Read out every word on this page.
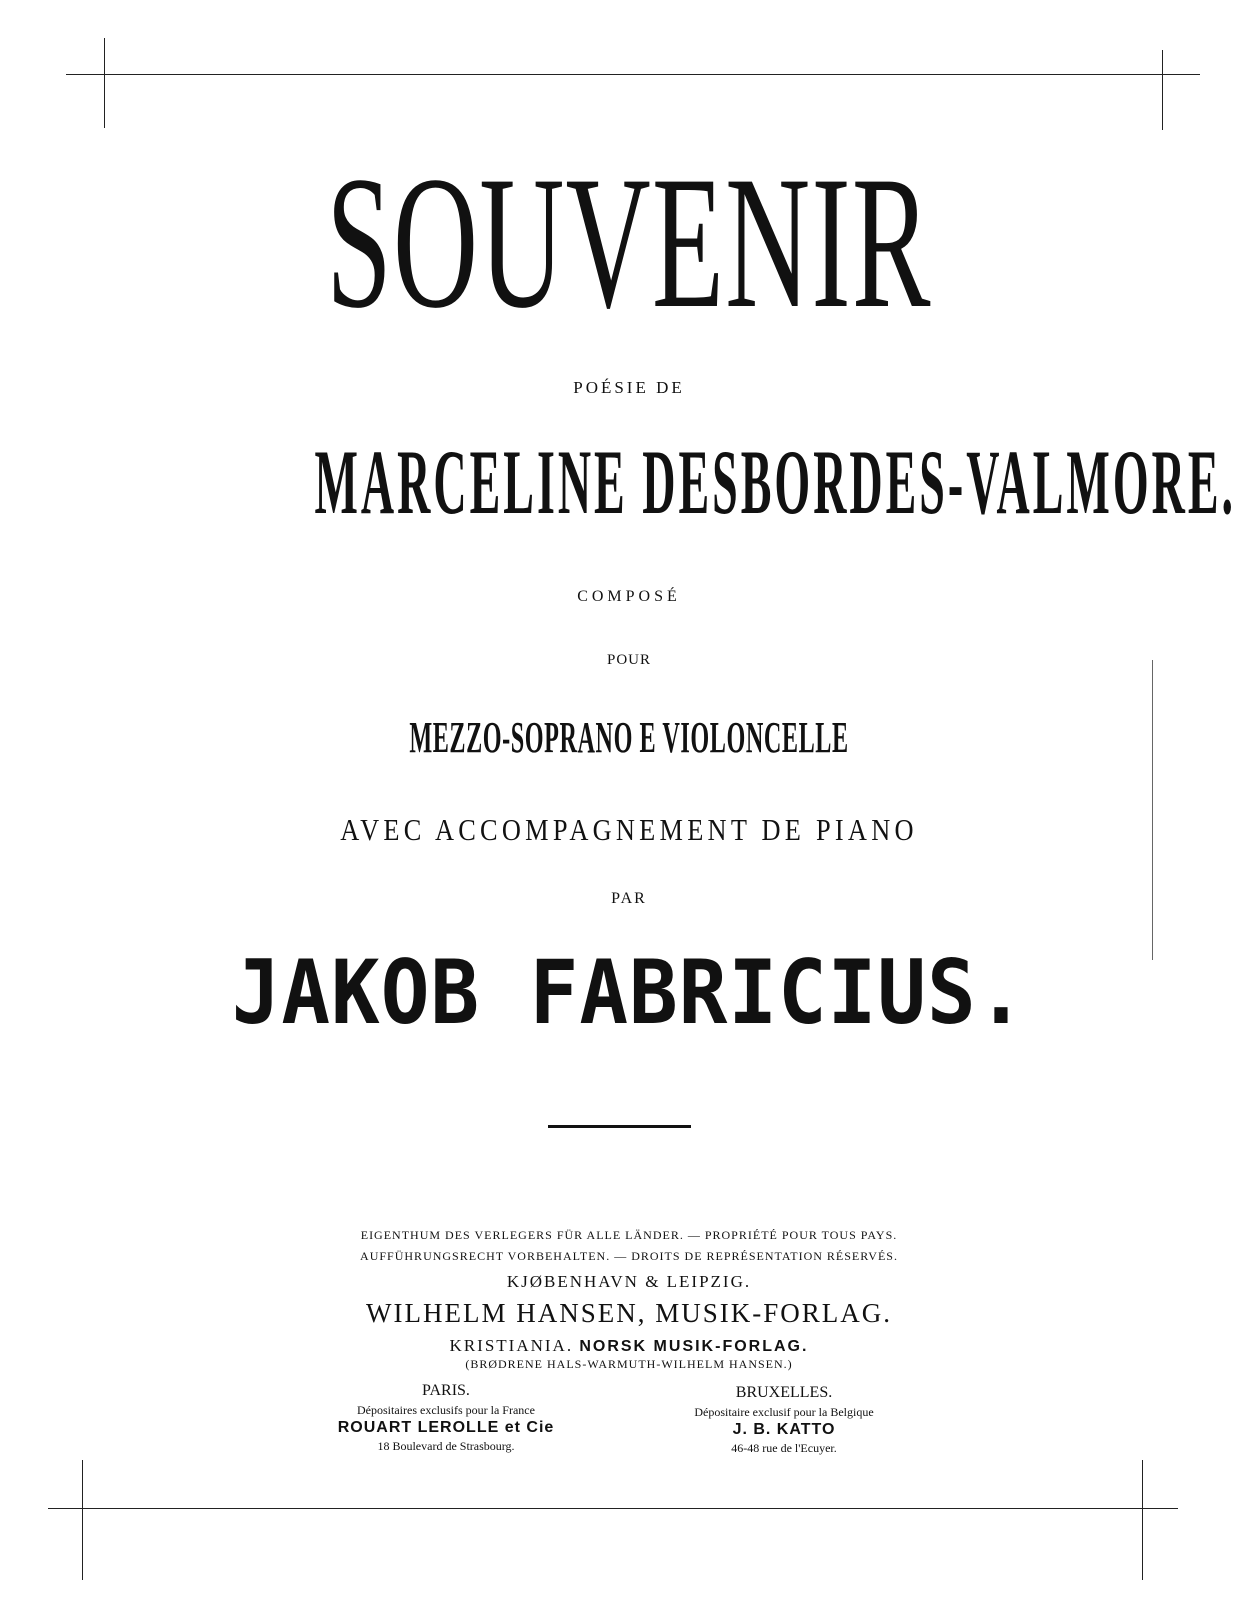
SOUVENIR
POÉSIE DE
MARCELINE DESBORDES-VALMORE.
COMPOSÉ
POUR
MEZZO-SOPRANO E VIOLONCELLE
AVEC ACCOMPAGNEMENT DE PIANO
PAR
JAKOB FABRICIUS.
EIGENTHUM DES VERLEGERS FÜR ALLE LÄNDER. — PROPRIÉTÉ POUR TOUS PAYS.
AUFFÜHRUNGSRECHT VORBEHALTEN. — DROITS DE REPRÉSENTATION RÉSERVÉS.
KJØBENHAVN & LEIPZIG.
WILHELM HANSEN, MUSIK-FORLAG.
KRISTIANIA. NORSK MUSIK-FORLAG.
(BRØDRENE HALS-WARMUTH-WILHELM HANSEN.)
PARIS.
Dépositaires exclusifs pour la France
ROUART LEROLLE et Cie
18 Boulevard de Strasbourg.
BRUXELLES.
Dépositaire exclusif pour la Belgique
J. B. KATTO
46-48 rue de l'Ecuyer.
